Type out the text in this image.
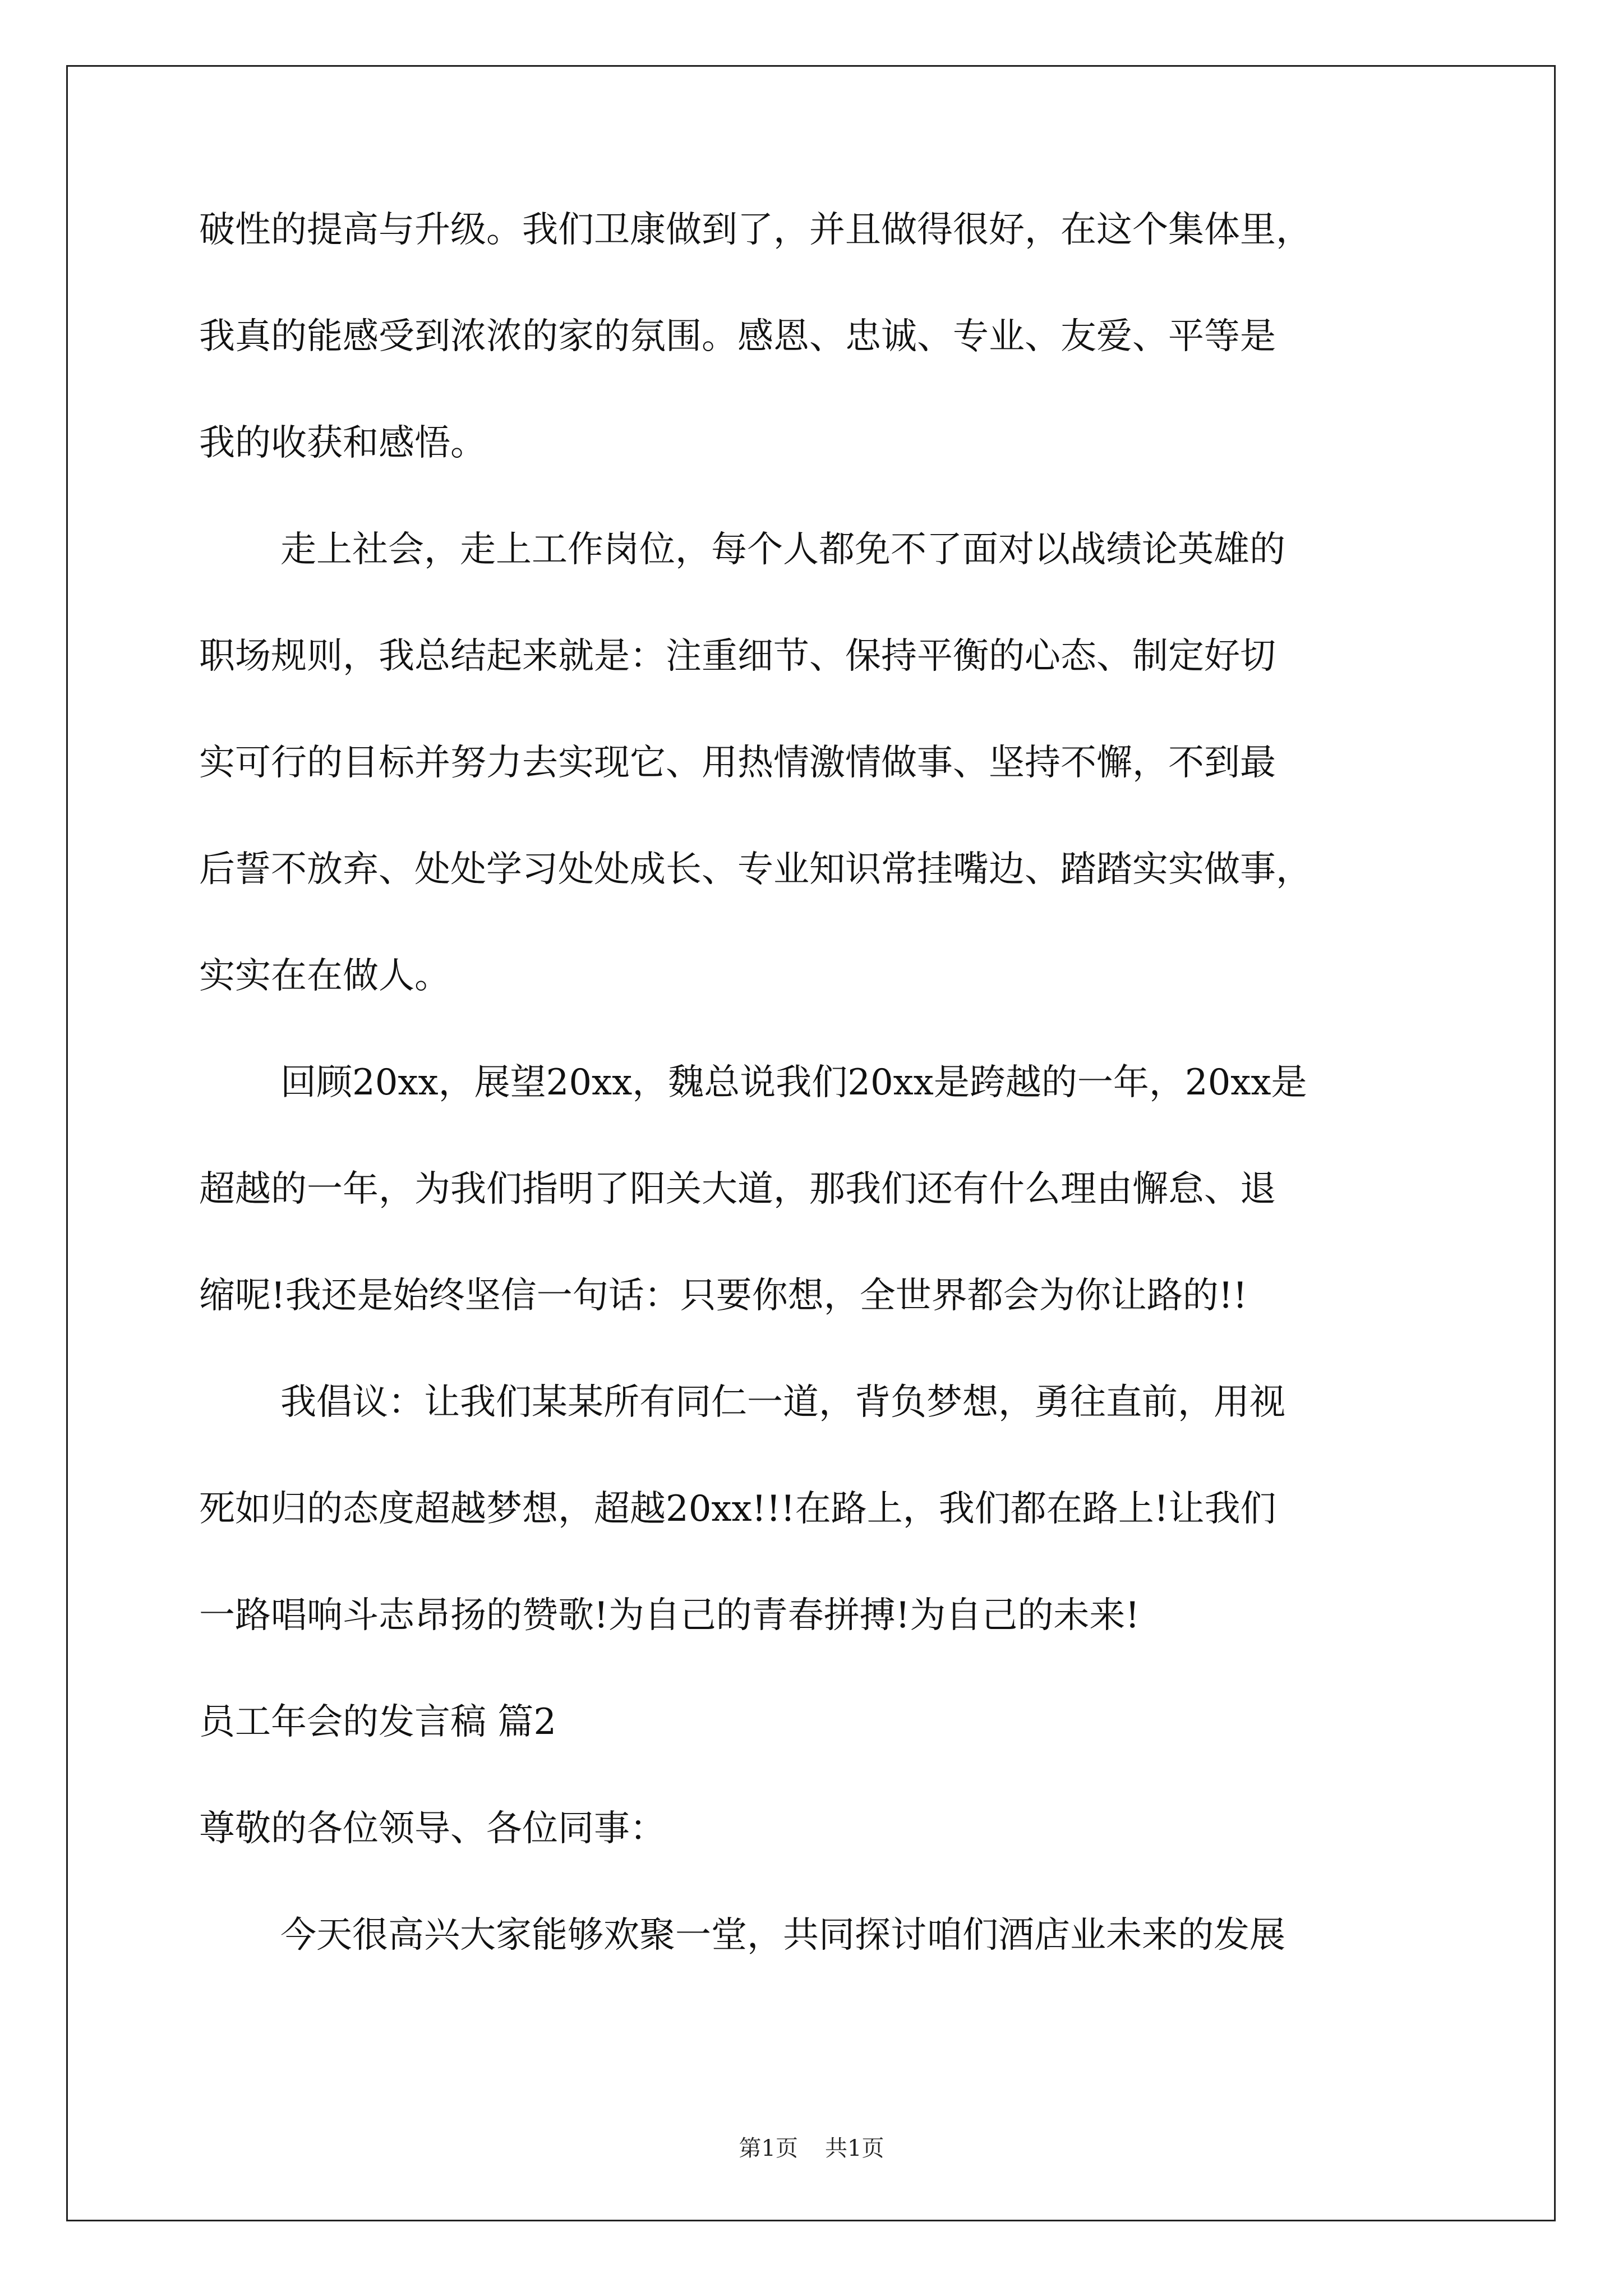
破性的提高与升级。我们卫康做到了，并且做得很好，在这个集体里，
我真的能感受到浓浓的家的氛围。感恩、忠诚、专业、友爱、平等是
我的收获和感悟。
走上社会，走上工作岗位，每个人都免不了面对以战绩论英雄的
职场规则，我总结起来就是：注重细节、保持平衡的心态、制定好切
实可行的目标并努力去实现它、用热情激情做事、坚持不懈，不到最
后誓不放弃、处处学习处处成长、专业知识常挂嘴边、踏踏实实做事，
实实在在做人。
回顾20xx，展望20xx，魏总说我们20xx是跨越的一年，20xx是
超越的一年，为我们指明了阳关大道，那我们还有什么理由懈怠、退
缩呢!我还是始终坚信一句话：只要你想，全世界都会为你让路的!!
我倡议：让我们某某所有同仁一道，背负梦想，勇往直前，用视
死如归的态度超越梦想，超越20xx!!!在路上，我们都在路上!让我们
一路唱响斗志昂扬的赞歌!为自己的青春拼搏!为自己的未来!
员工年会的发言稿 篇2
尊敬的各位领导、各位同事：
今天很高兴大家能够欢聚一堂，共同探讨咱们酒店业未来的发展
第1页 共1页
